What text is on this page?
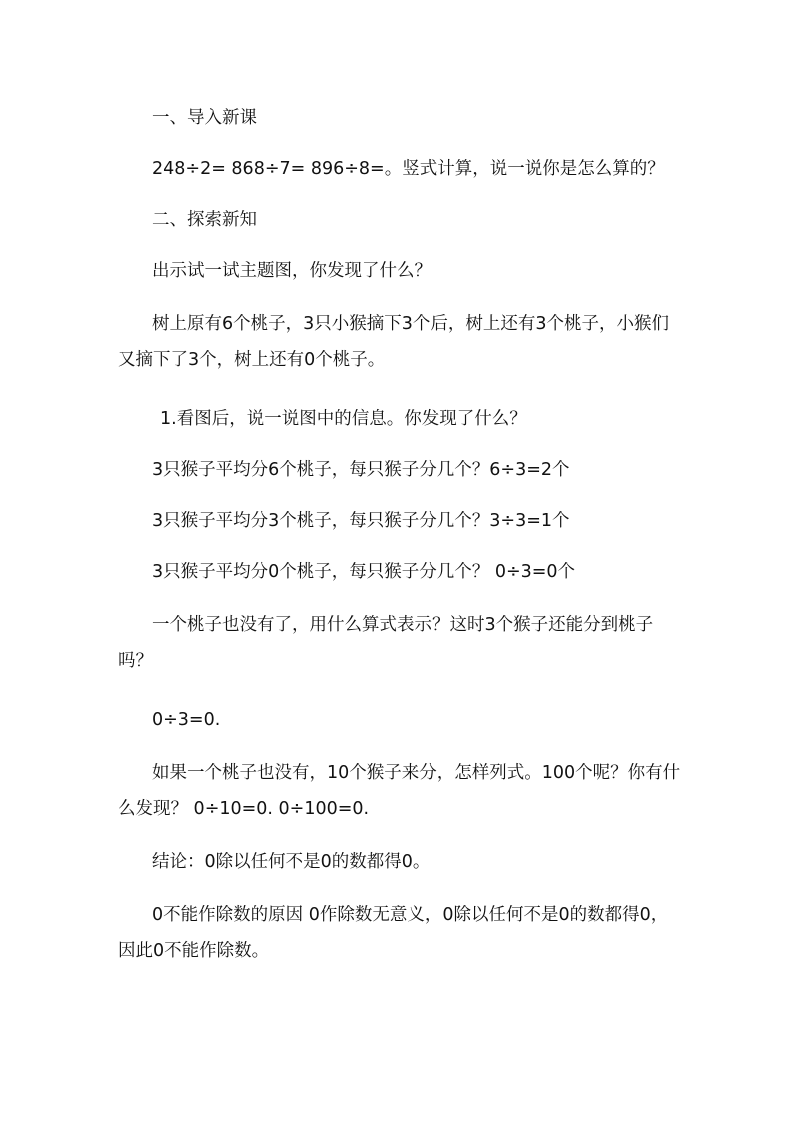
一、导入新课
248÷2= 868÷7= 896÷8=。竖式计算，说一说你是怎么算的？
二、探索新知
出示试一试主题图，你发现了什么？
树上原有6个桃子，3只小猴摘下3个后，树上还有3个桃子，小猴们又摘下了3个，树上还有0个桃子。
1.看图后，说一说图中的信息。你发现了什么？
3只猴子平均分6个桃子，每只猴子分几个？6÷3=2个
3只猴子平均分3个桃子，每只猴子分几个？3÷3=1个
3只猴子平均分0个桃子，每只猴子分几个？ 0÷3=0个
一个桃子也没有了，用什么算式表示？这时3个猴子还能分到桃子吗？
0÷3=0.
如果一个桃子也没有，10个猴子来分，怎样列式。100个呢？你有什么发现？ 0÷10=0. 0÷100=0.
结论：0除以任何不是0的数都得0。
0不能作除数的原因 0作除数无意义，0除以任何不是0的数都得0，因此0不能作除数。
